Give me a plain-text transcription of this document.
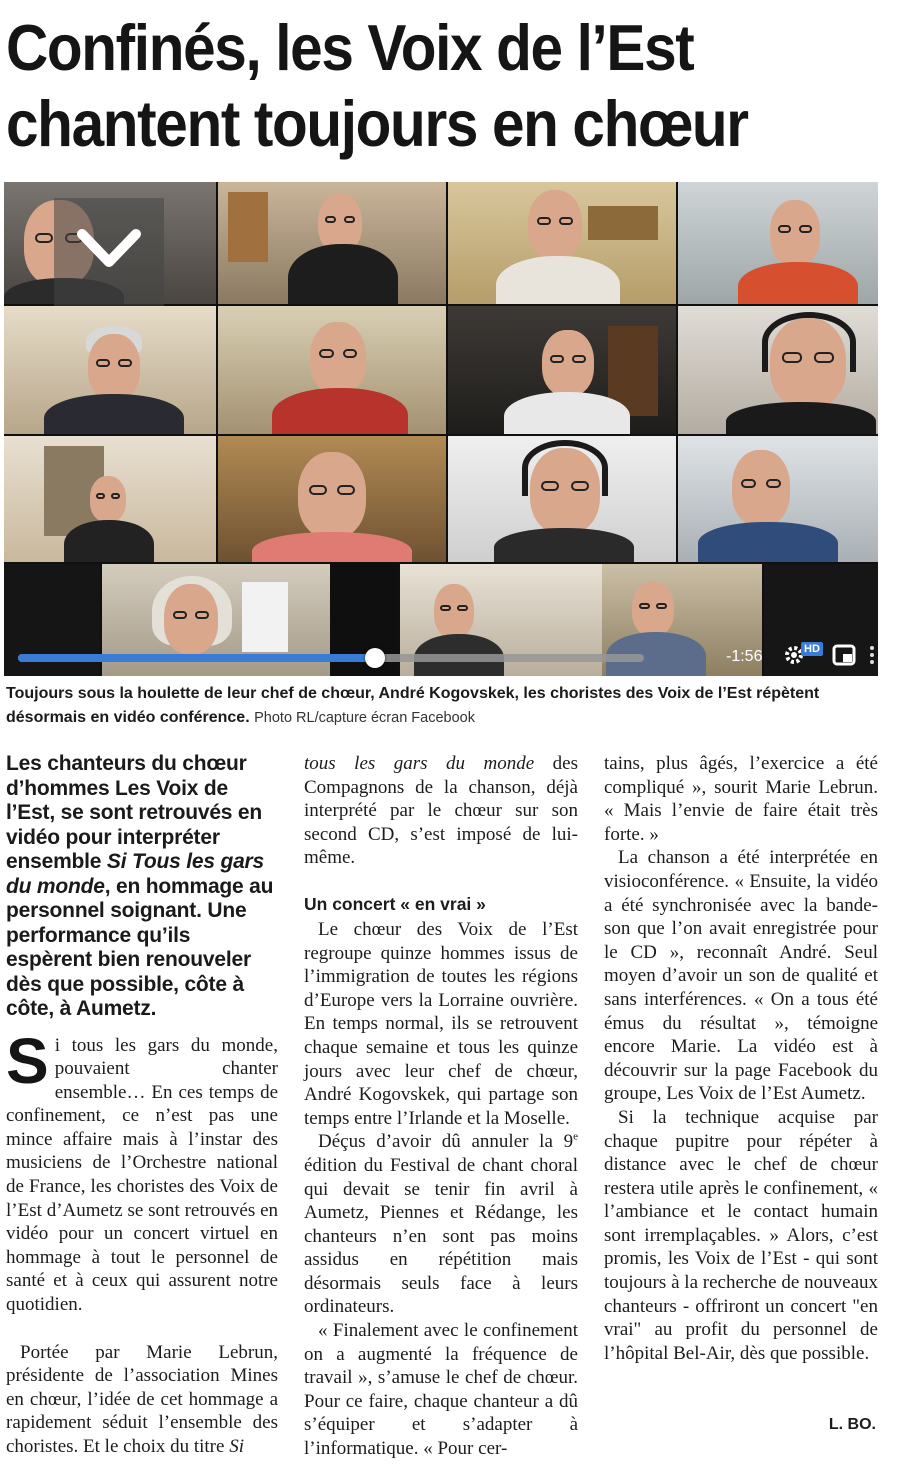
Confinés, les Voix de l’Est
chantent toujours en chœur
-1:56	HD
Toujours sous la houlette de leur chef de chœur, André Kogovskek, les choristes des Voix de l’Est répètent désormais en vidéo conférence. Photo RL/capture écran Facebook
Les chanteurs du chœur d’hommes Les Voix de l’Est, se sont retrouvés en vidéo pour interpréter ensemble Si Tous les gars du monde, en hommage au personnel soignant. Une performance qu’ils espèrent bien renouveler dès que possible, côte à côte, à Aumetz.

Si tous les gars du monde, pouvaient chanter ensemble… En ces temps de confinement, ce n’est pas une mince affaire mais à l’instar des musiciens de l’Orchestre national de France, les choristes des Voix de l’Est d’Aumetz se sont retrouvés en vidéo pour un concert virtuel en hommage à tout le personnel de santé et à ceux qui assurent notre quotidien.

Portée par Marie Lebrun, présidente de l’association Mines en chœur, l’idée de cet hommage a rapidement séduit l’ensemble des choristes. Et le choix du titre Si

tous les gars du monde des Compagnons de la chanson, déjà interprété par le chœur sur son second CD, s’est imposé de lui-même.

Un concert « en vrai »

Le chœur des Voix de l’Est regroupe quinze hommes issus de l’immigration de toutes les régions d’Europe vers la Lorraine ouvrière. En temps normal, ils se retrouvent chaque semaine et tous les quinze jours avec leur chef de chœur, André Kogovskek, qui partage son temps entre l’Irlande et la Moselle.

Déçus d’avoir dû annuler la 9e édition du Festival de chant choral qui devait se tenir fin avril à Aumetz, Piennes et Rédange, les chanteurs n’en sont pas moins assidus en répétition mais désormais seuls face à leurs ordinateurs.

« Finalement avec le confinement on a augmenté la fréquence de travail », s’amuse le chef de chœur. Pour ce faire, chaque chanteur a dû s’équiper et s’adapter à l’informatique. « Pour cer-

tains, plus âgés, l’exercice a été compliqué », sourit Marie Lebrun. « Mais l’envie de faire était très forte. »

La chanson a été interprétée en visioconférence. « Ensuite, la vidéo a été synchronisée avec la bande-son que l’on avait enregistrée pour le CD », reconnaît André. Seul moyen d’avoir un son de qualité et sans interférences. « On a tous été émus du résultat », témoigne encore Marie. La vidéo est à découvrir sur la page Facebook du groupe, Les Voix de l’Est Aumetz.

Si la technique acquise par chaque pupitre pour répéter à distance avec le chef de chœur restera utile après le confinement, « l’ambiance et le contact humain sont irremplaçables. » Alors, c’est promis, les Voix de l’Est - qui sont toujours à la recherche de nouveaux chanteurs - offriront un concert "en vrai" au profit du personnel de l’hôpital Bel-Air, dès que possible.

L. BO.
